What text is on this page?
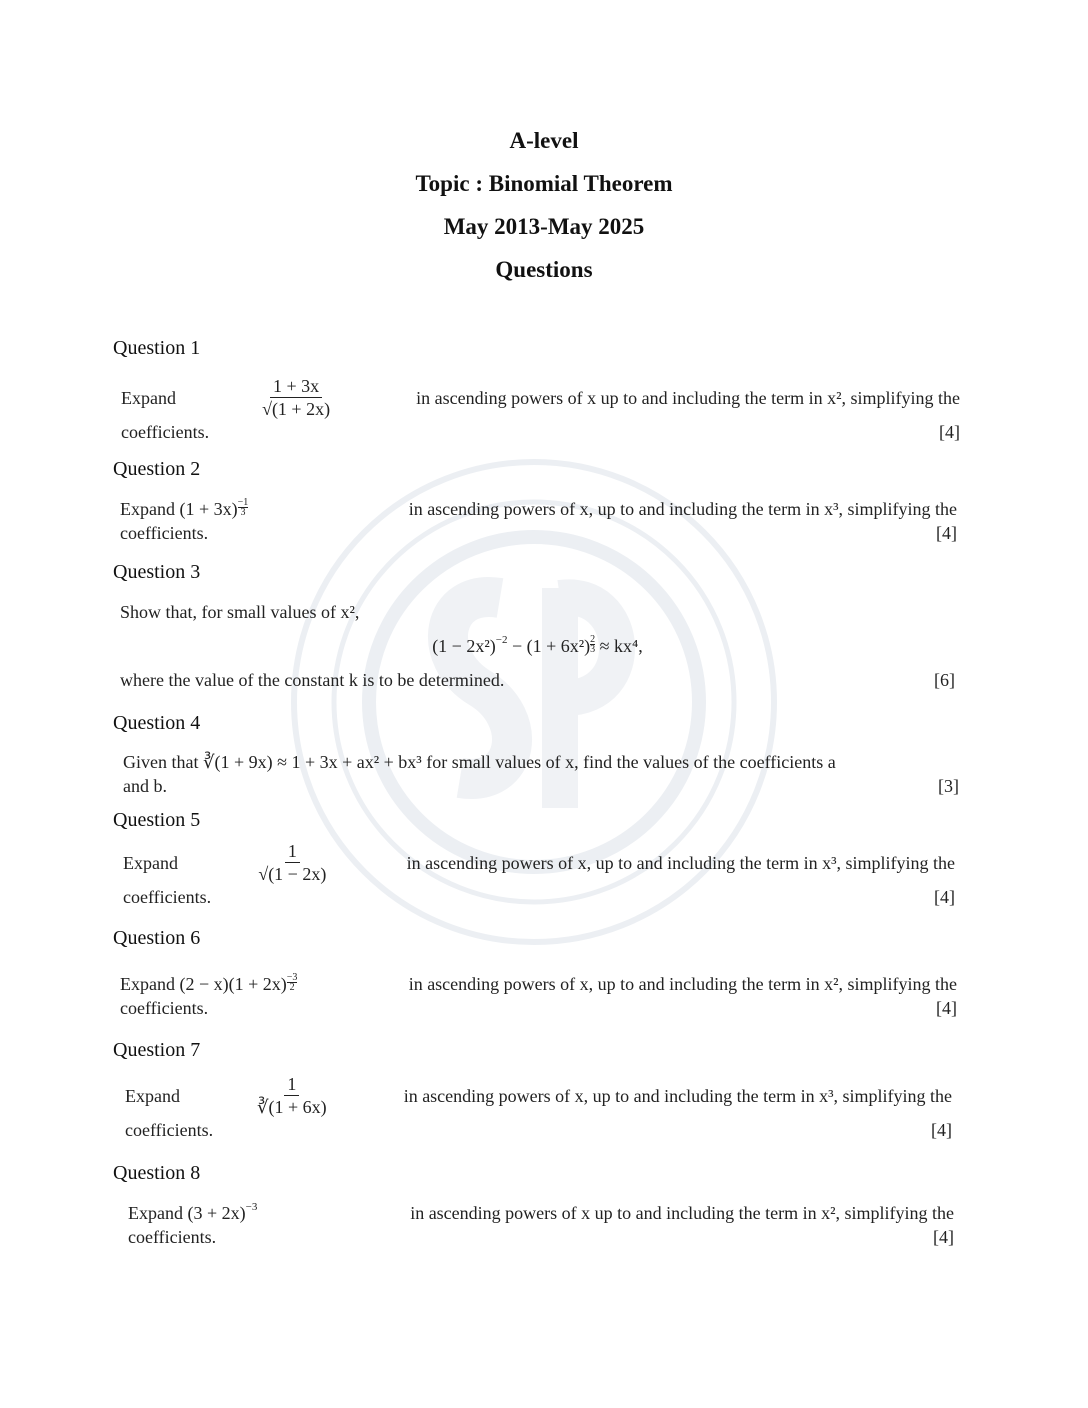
A-level
Topic : Binomial Theorem
May 2013-May 2025
Questions
Question 1
Expand	$\frac{1 + 3x}{√(1 + 2x)}$	in ascending powers of x up to and including the term in x², simplifying the
coefficients.	[4]
Question 2
Expand $(1 + 3x) \frac{-1}{3}$	in ascending powers of x, up to and including the term in x³, simplifying the
coefficients.	[4]
Question 3
Show that, for small values of x²,
$(1 - 2x^2)^{-2} - (1 + 6x^2) \frac{2}{3} \approx kx^4$,
where the value of the constant k is to be determined.	[6]
Question 4
Given that ∛(1 + 9x) ≈ 1 + 3x + ax² + bx³ for small values of x, find the values of the coefficients a
and b.	[3]
Question 5
Expand	$\frac{1}{√(1 - 2x)}$	in ascending powers of x, up to and including the term in x³, simplifying the
coefficients.	[4]
Question 6
Expand $(2 - x)(1 + 2x) \frac{-3}{2}$	in ascending powers of x, up to and including the term in x², simplifying the
coefficients.	[4]
Question 7
Expand	$\frac{1}{∛(1 + 6x)}$	in ascending powers of x, up to and including the term in x³, simplifying the
coefficients.	[4]
Question 8
Expand $(3 + 2x)^{-3}$	in ascending powers of x up to and including the term in x², simplifying the
coefficients.	[4]
